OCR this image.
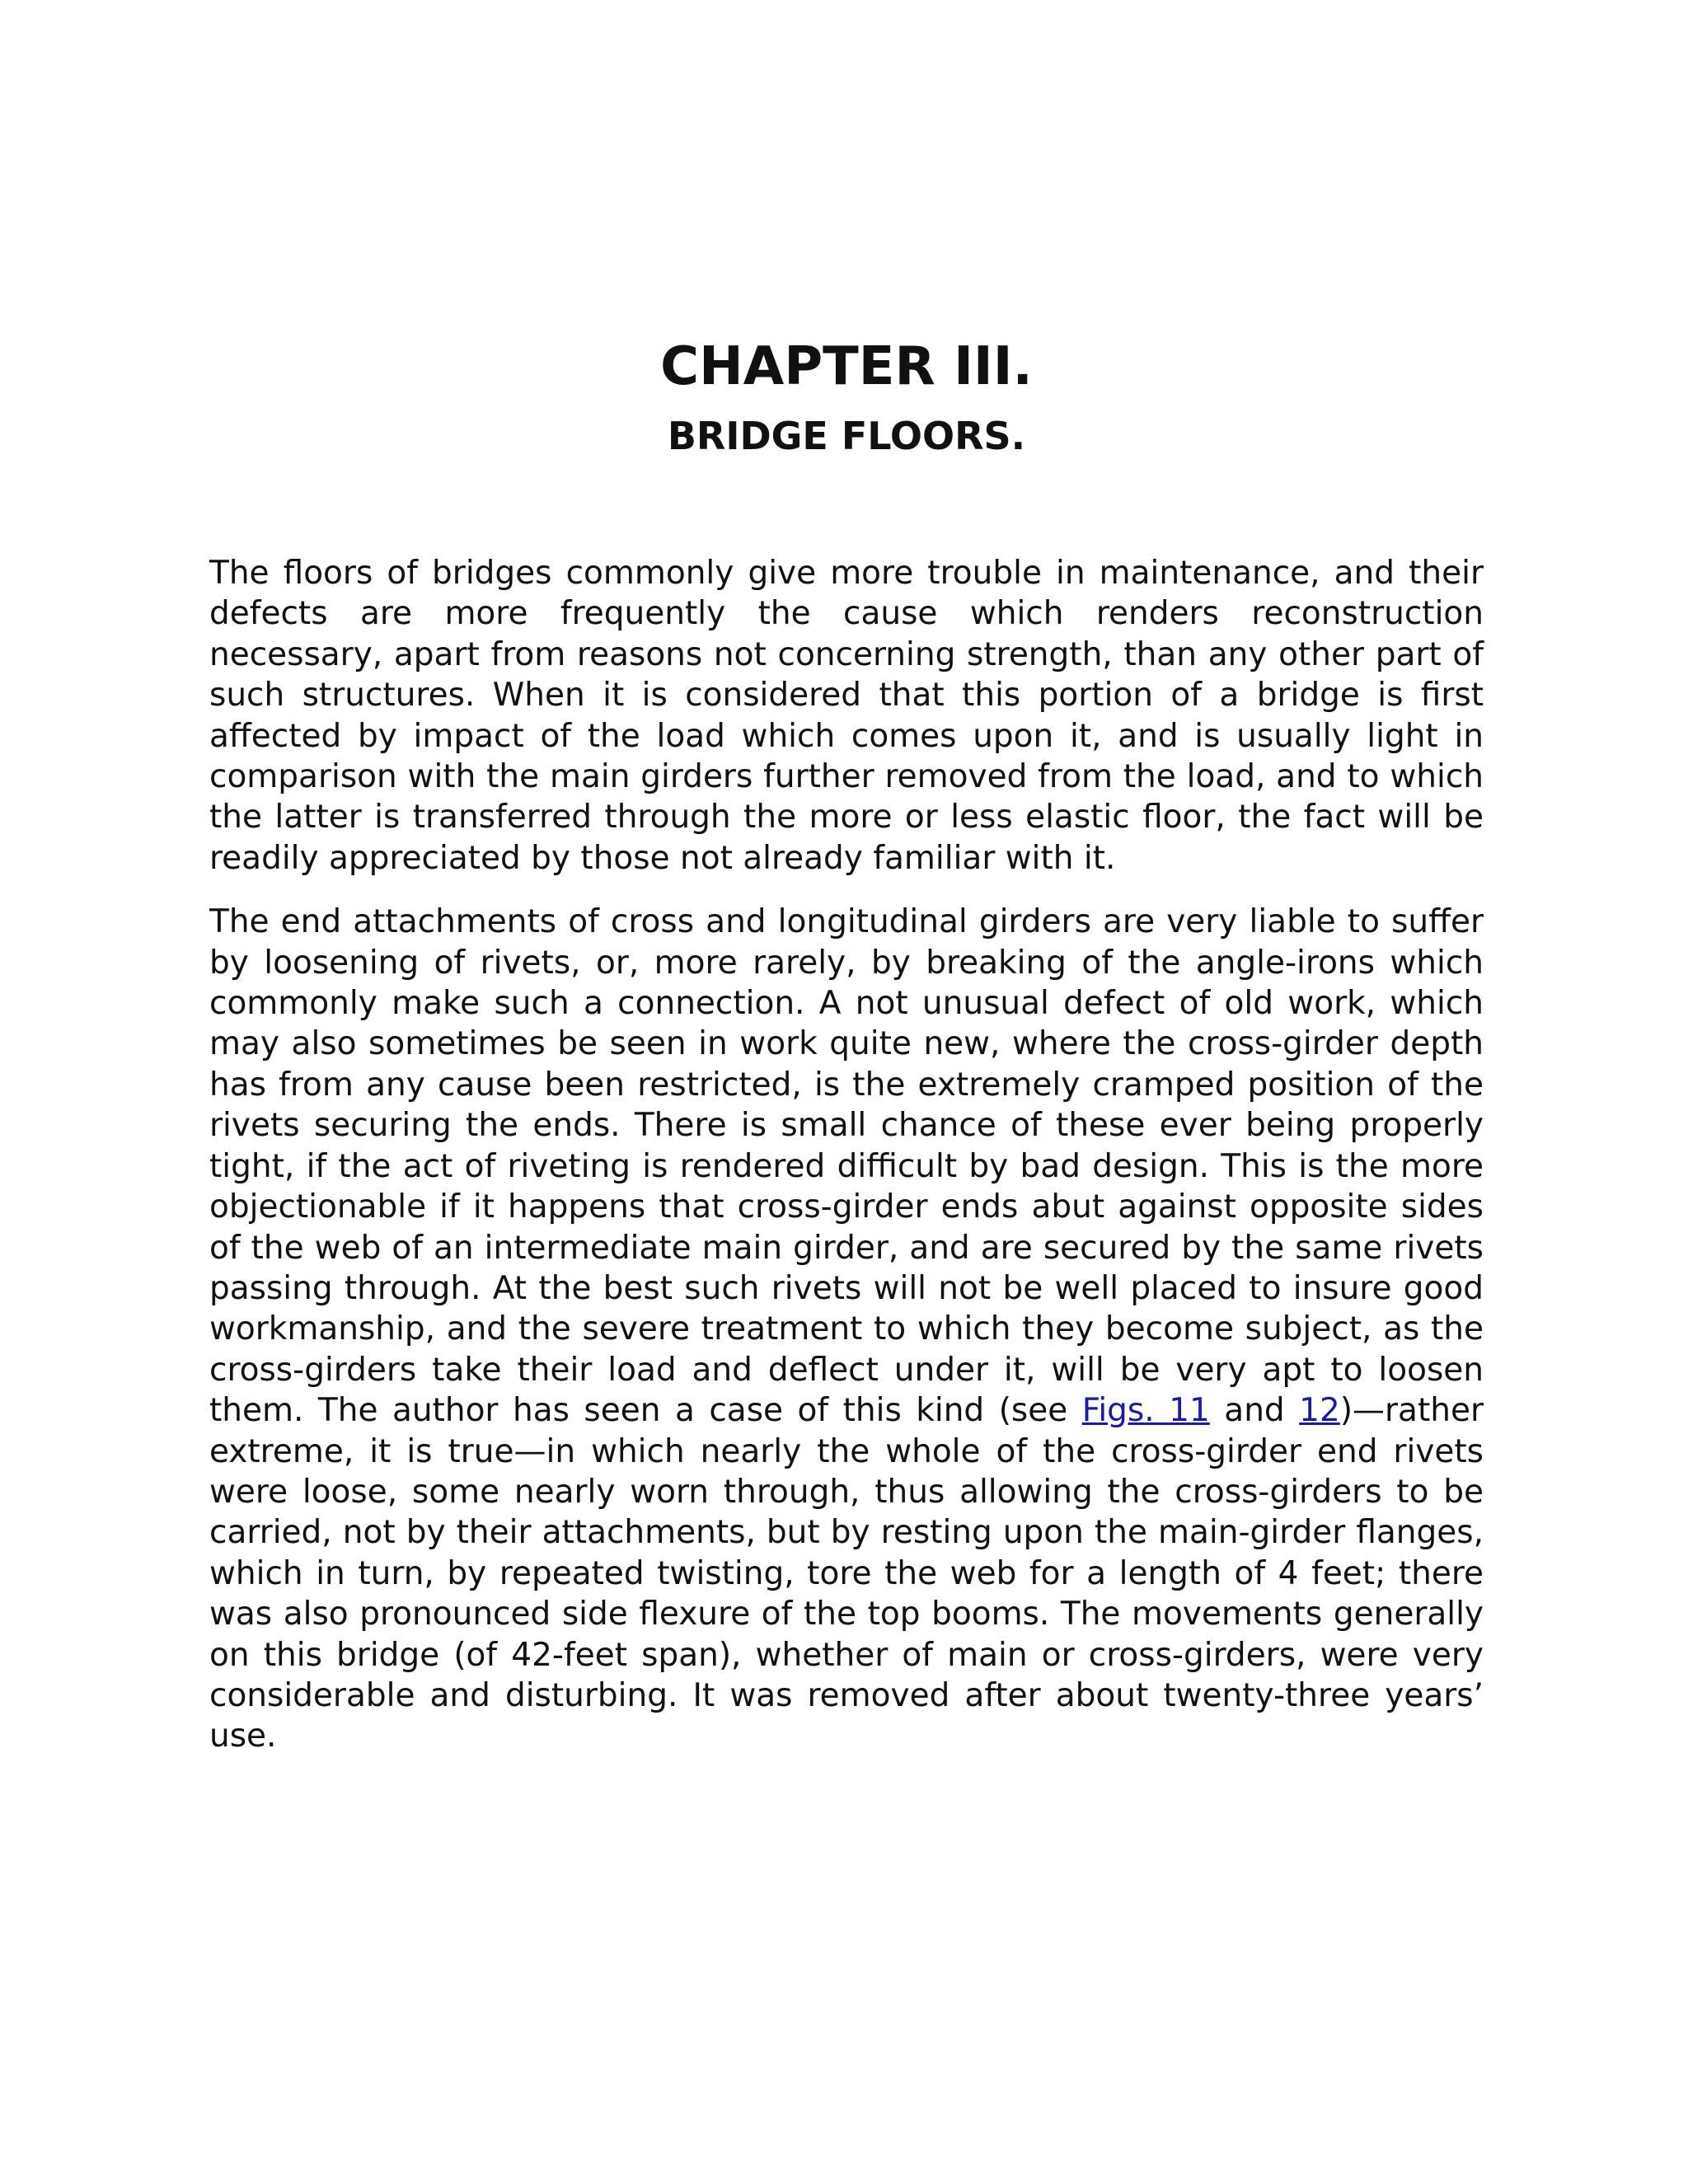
CHAPTER III.
BRIDGE FLOORS.

The floors of bridges commonly give more trouble in maintenance, and their defects are more frequently the cause which renders reconstruction necessary, apart from reasons not concerning strength, than any other part of such structures. When it is considered that this portion of a bridge is first affected by impact of the load which comes upon it, and is usually light in comparison with the main girders further removed from the load, and to which the latter is transferred through the more or less elastic floor, the fact will be readily appreciated by those not already familiar with it.

The end attachments of cross and longitudinal girders are very liable to suffer by loosening of rivets, or, more rarely, by breaking of the angle-irons which commonly make such a connection. A not unusual defect of old work, which may also sometimes be seen in work quite new, where the cross-girder depth has from any cause been restricted, is the extremely cramped position of the rivets securing the ends. There is small chance of these ever being properly tight, if the act of riveting is rendered difficult by bad design. This is the more objectionable if it happens that cross-girder ends abut against opposite sides of the web of an intermediate main girder, and are secured by the same rivets passing through. At the best such rivets will not be well placed to insure good workmanship, and the severe treatment to which they become subject, as the cross-girders take their load and deflect under it, will be very apt to loosen them. The author has seen a case of this kind (see Figs. 11 and 12)—rather extreme, it is true—in which nearly the whole of the cross-girder end rivets were loose, some nearly worn through, thus allowing the cross-girders to be carried, not by their attachments, but by resting upon the main-girder flanges, which in turn, by repeated twisting, tore the web for a length of 4 feet; there was also pronounced side flexure of the top booms. The movements generally on this bridge (of 42-feet span), whether of main or cross-girders, were very considerable and disturbing. It was removed after about twenty-three years’ use.
